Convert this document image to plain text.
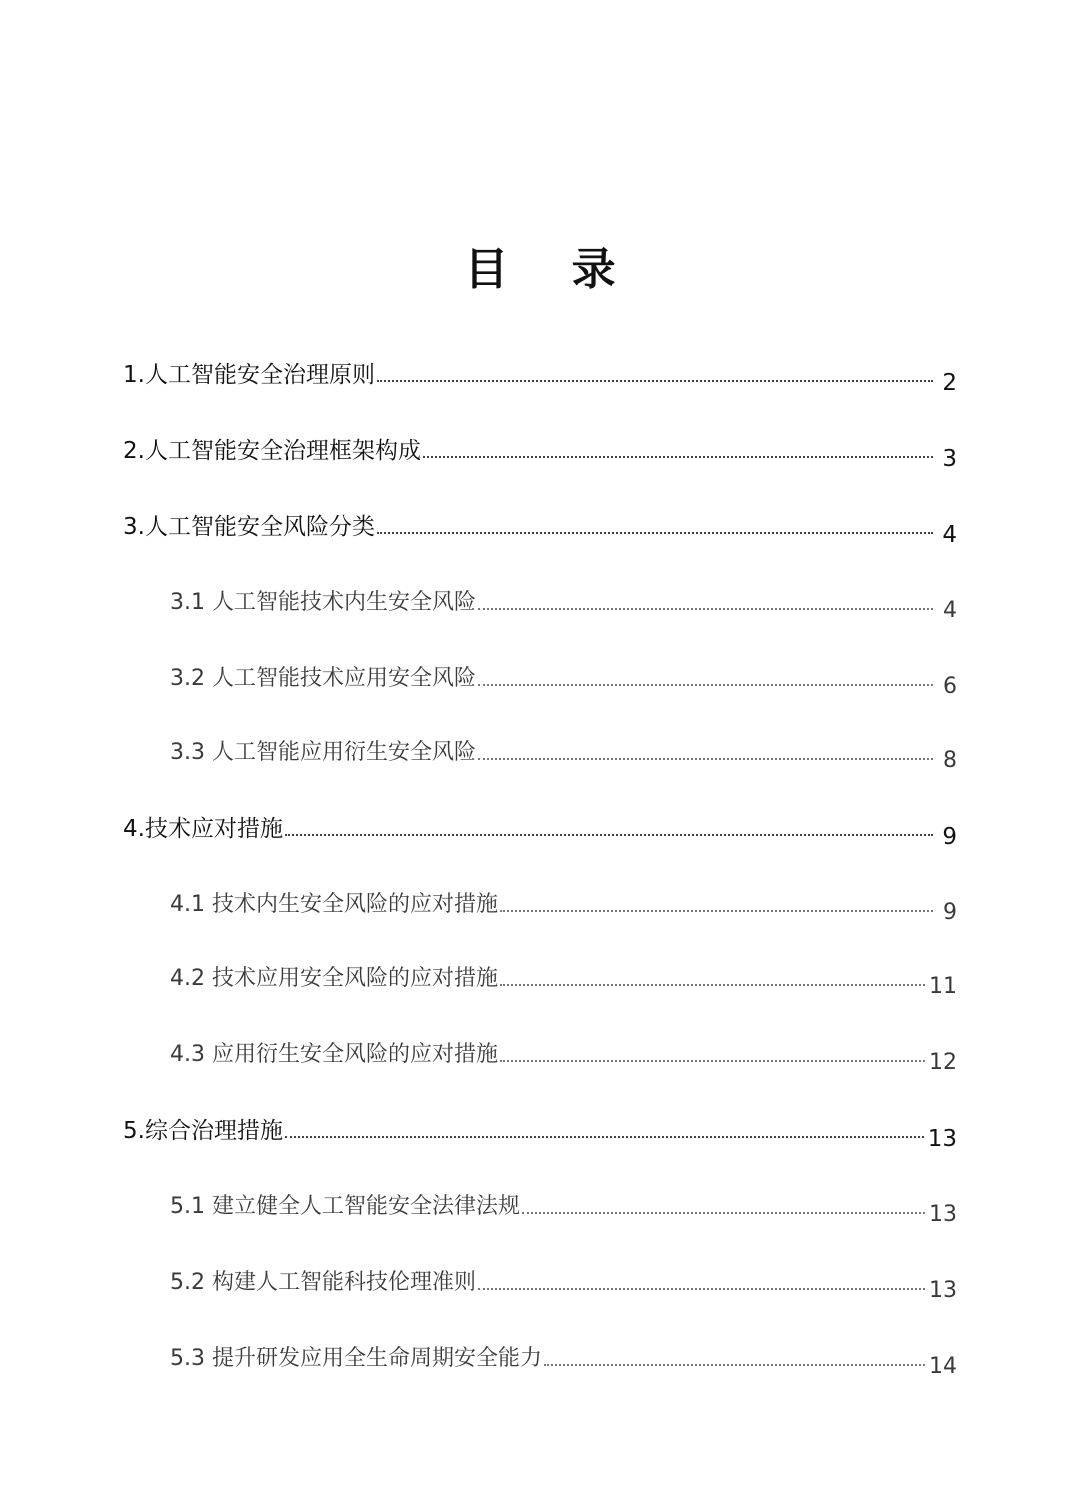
目 录
1.人工智能安全治理原则	2
2.人工智能安全治理框架构成	3
3.人工智能安全风险分类	4
3.1 人工智能技术内生安全风险	4
3.2 人工智能技术应用安全风险	6
3.3 人工智能应用衍生安全风险	8
4.技术应对措施	9
4.1 技术内生安全风险的应对措施	9
4.2 技术应用安全风险的应对措施	11
4.3 应用衍生安全风险的应对措施	12
5.综合治理措施	13
5.1 建立健全人工智能安全法律法规	13
5.2 构建人工智能科技伦理准则	13
5.3 提升研发应用全生命周期安全能力	14
